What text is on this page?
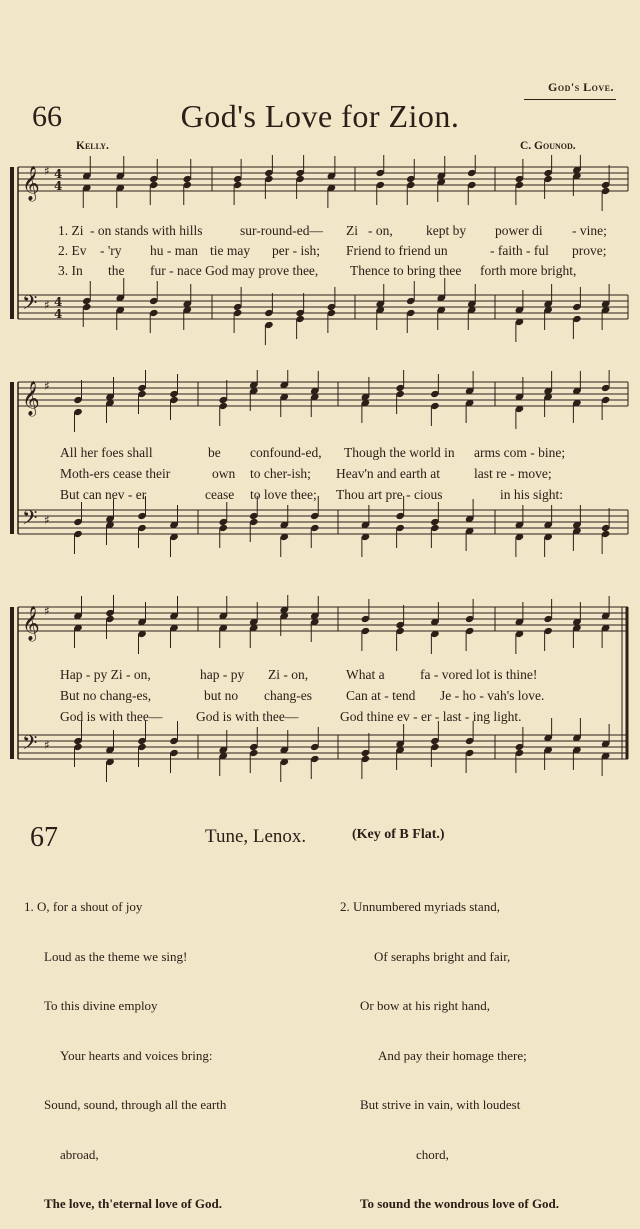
God's Love.
66	God's Love for Zion.
Kelly.	C. Gounod.
𝄞
𝄢
♯
♯
4
4
4
4
𝄞
𝄢
♯
♯
𝄞
𝄢
♯
♯
1. Zi - on stands with hills	sur-round-ed— Zi - on, kept by power di - vine;
2. Ev - 'ry hu - man tie may per - ish; Friend to friend un	- faith - ful prove;
3. In the fur - nace God may prove thee, Thence to bring thee forth more bright,
All her foes shall	be confound-ed, Though the world in arms com - bine;
Moth-ers cease their	own to cher-ish; Heav'n and earth at	last re - move;
But can nev - er	cease to love thee; Thou art pre - cious	in his sight:
Hap - py Zi - on,	hap - py Zi - on,	What a	fa - vored lot is thine!
But no chang-es,	but no chang-es	Can at - tend Je - ho - vah's love.
God is with thee— God is with thee—	God thine ev - er - last - ing light.
67	Tune, Lenox.	(Key of B Flat.)

1. O, for a shout of joy

Loud as the theme we sing!

To this divine employ

Your hearts and voices bring:

Sound, sound, through all the earth

abroad,

The love, th'eternal love of God.

2. Unnumbered myriads stand,

Of seraphs bright and fair,

Or bow at his right hand,

And pay their homage there;

But strive in vain, with loudest

chord,

To sound the wondrous love of God.
